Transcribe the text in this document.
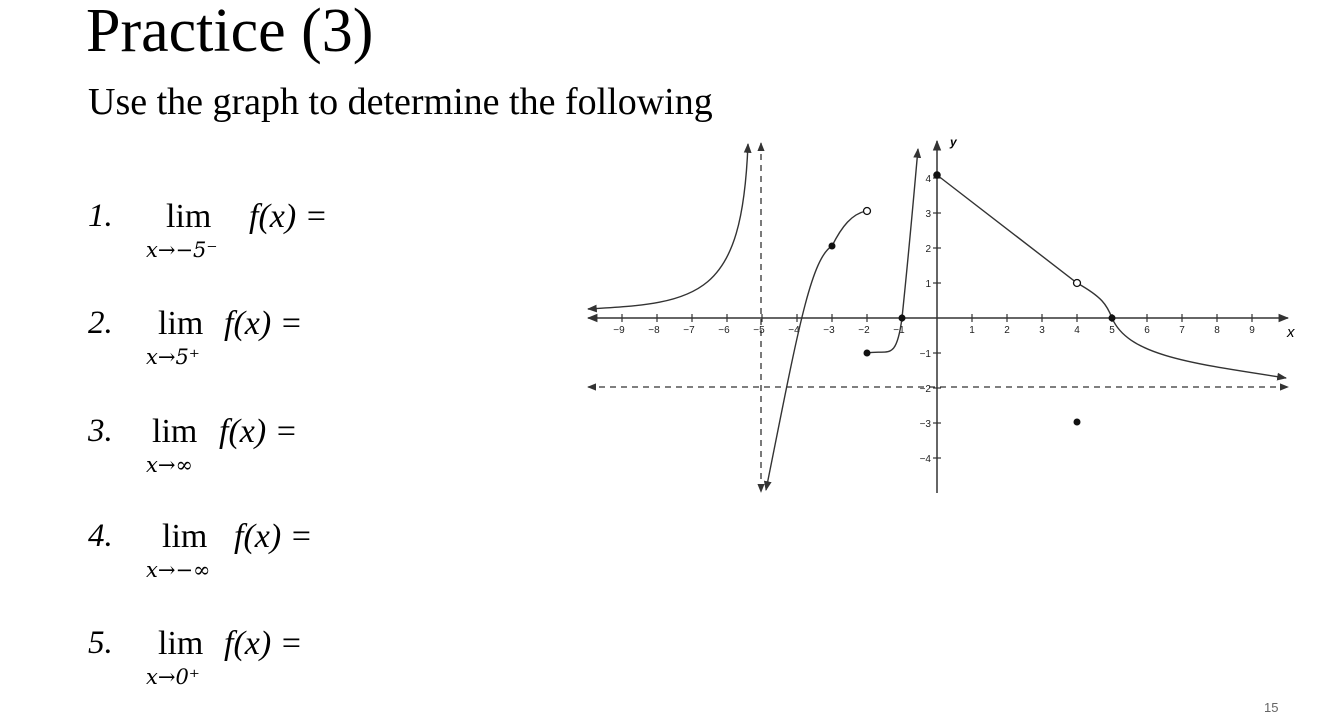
Practice (3)
Use the graph to determine the following
1. lim
x→−5⁻
f(x) =
2. lim
x→5⁺
f(x) =
3. lim
x→∞
f(x) =
4. lim
x→−∞
f(x) =
5. lim
x→0⁺
f(x) =
−9 −8 −7 −6 −5 −4 −3 −2 −1	1	2	3	4	5	6	7	8	9
−4
−3
−2
−1
1
2
3
4
x
y
15
